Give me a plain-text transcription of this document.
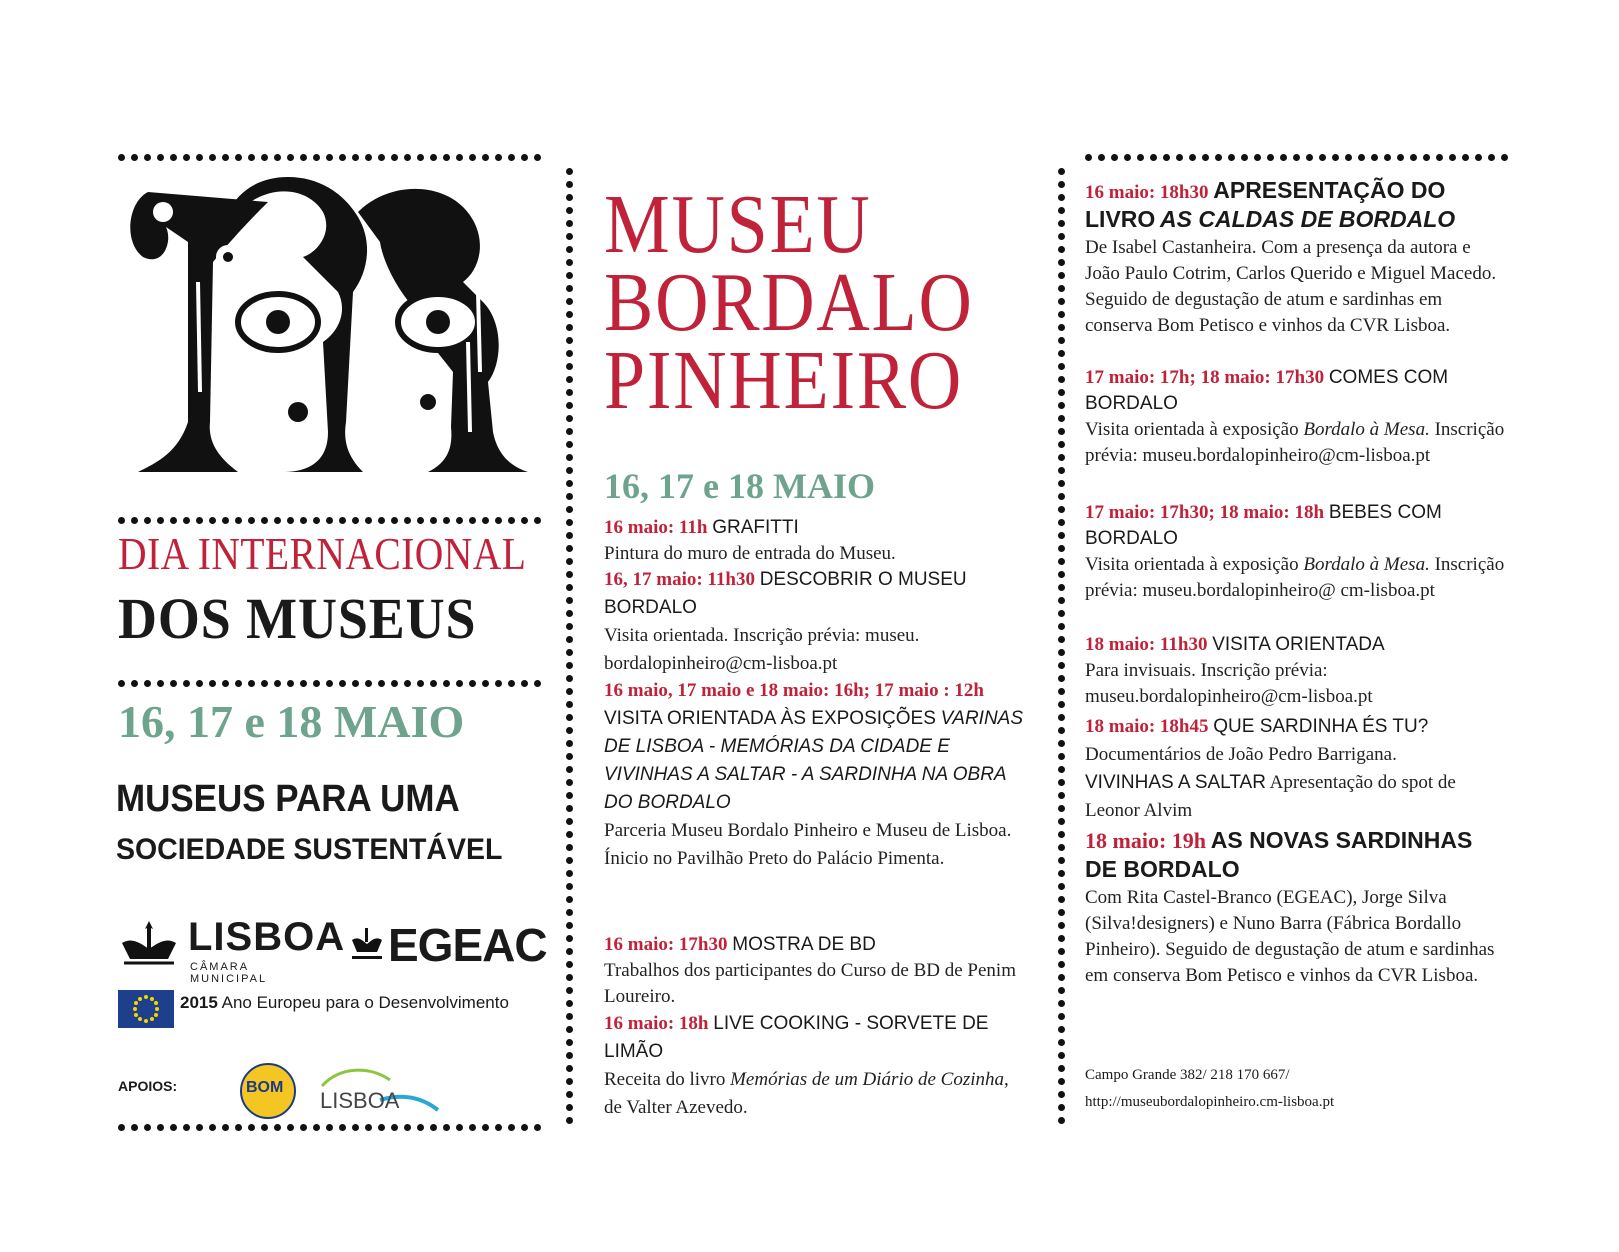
DIA INTERNACIONAL
DOS MUSEUS
16, 17 e 18 MAIO
MUSEUS PARA UMA
SOCIEDADE SUSTENTÁVEL
LISBOA
CÂMARA MUNICIPAL
EGEAC
2015 Ano Europeu para o Desenvolvimento
APOIOS:	BOM
LISBOA
MUSEU
BORDALO
PINHEIRO
16, 17 e 18 MAIO
16 maio: 11h GRAFITTI
Pintura do muro de entrada do Museu.
16, 17 maio: 11h30 DESCOBRIR O MUSEU BORDALO
Visita orientada. Inscrição prévia: museu. bordalopinheiro@cm-lisboa.pt
16 maio, 17 maio e 18 maio: 16h; 17 maio : 12h VISITA ORIENTADA ÀS EXPOSIÇÕES VARINAS DE LISBOA - MEMÓRIAS DA CIDADE E VIVINHAS A SALTAR - A SARDINHA NA OBRA DO BORDALO
Parceria Museu Bordalo Pinheiro e Museu de Lisboa. Ínicio no Pavilhão Preto do Palácio Pimenta.
16 maio: 17h30 MOSTRA DE BD
Trabalhos dos participantes do Curso de BD de Penim Loureiro.
16 maio: 18h LIVE COOKING - SORVETE DE LIMÃO
Receita do livro Memórias de um Diário de Cozinha, de Valter Azevedo.
16 maio: 18h30 APRESENTAÇÃO DO LIVRO AS CALDAS DE BORDALO
De Isabel Castanheira. Com a presença da autora e João Paulo Cotrim, Carlos Querido e Miguel Macedo. Seguido de degustação de atum e sardinhas em conserva Bom Petisco e vinhos da CVR Lisboa.
17 maio: 17h; 18 maio: 17h30 COMES COM BORDALO
Visita orientada à exposição Bordalo à Mesa. Inscrição prévia: museu.bordalopinheiro@cm-lisboa.pt
17 maio: 17h30; 18 maio: 18h BEBES COM BORDALO
Visita orientada à exposição Bordalo à Mesa. Inscrição prévia: museu.bordalopinheiro@ cm-lisboa.pt
18 maio: 11h30 VISITA ORIENTADA
Para invisuais. Inscrição prévia: museu.bordalopinheiro@cm-lisboa.pt
18 maio: 18h45 QUE SARDINHA ÉS TU?
Documentários de João Pedro Barrigana.
VIVINHAS A SALTAR Apresentação do spot de Leonor Alvim
18 maio: 19h AS NOVAS SARDINHAS DE BORDALO
Com Rita Castel-Branco (EGEAC), Jorge Silva (Silva!designers) e Nuno Barra (Fábrica Bordallo Pinheiro). Seguido de degustação de atum e sardinhas em conserva Bom Petisco e vinhos da CVR Lisboa.
Campo Grande 382/ 218 170 667/
http://museubordalopinheiro.cm-lisboa.pt
